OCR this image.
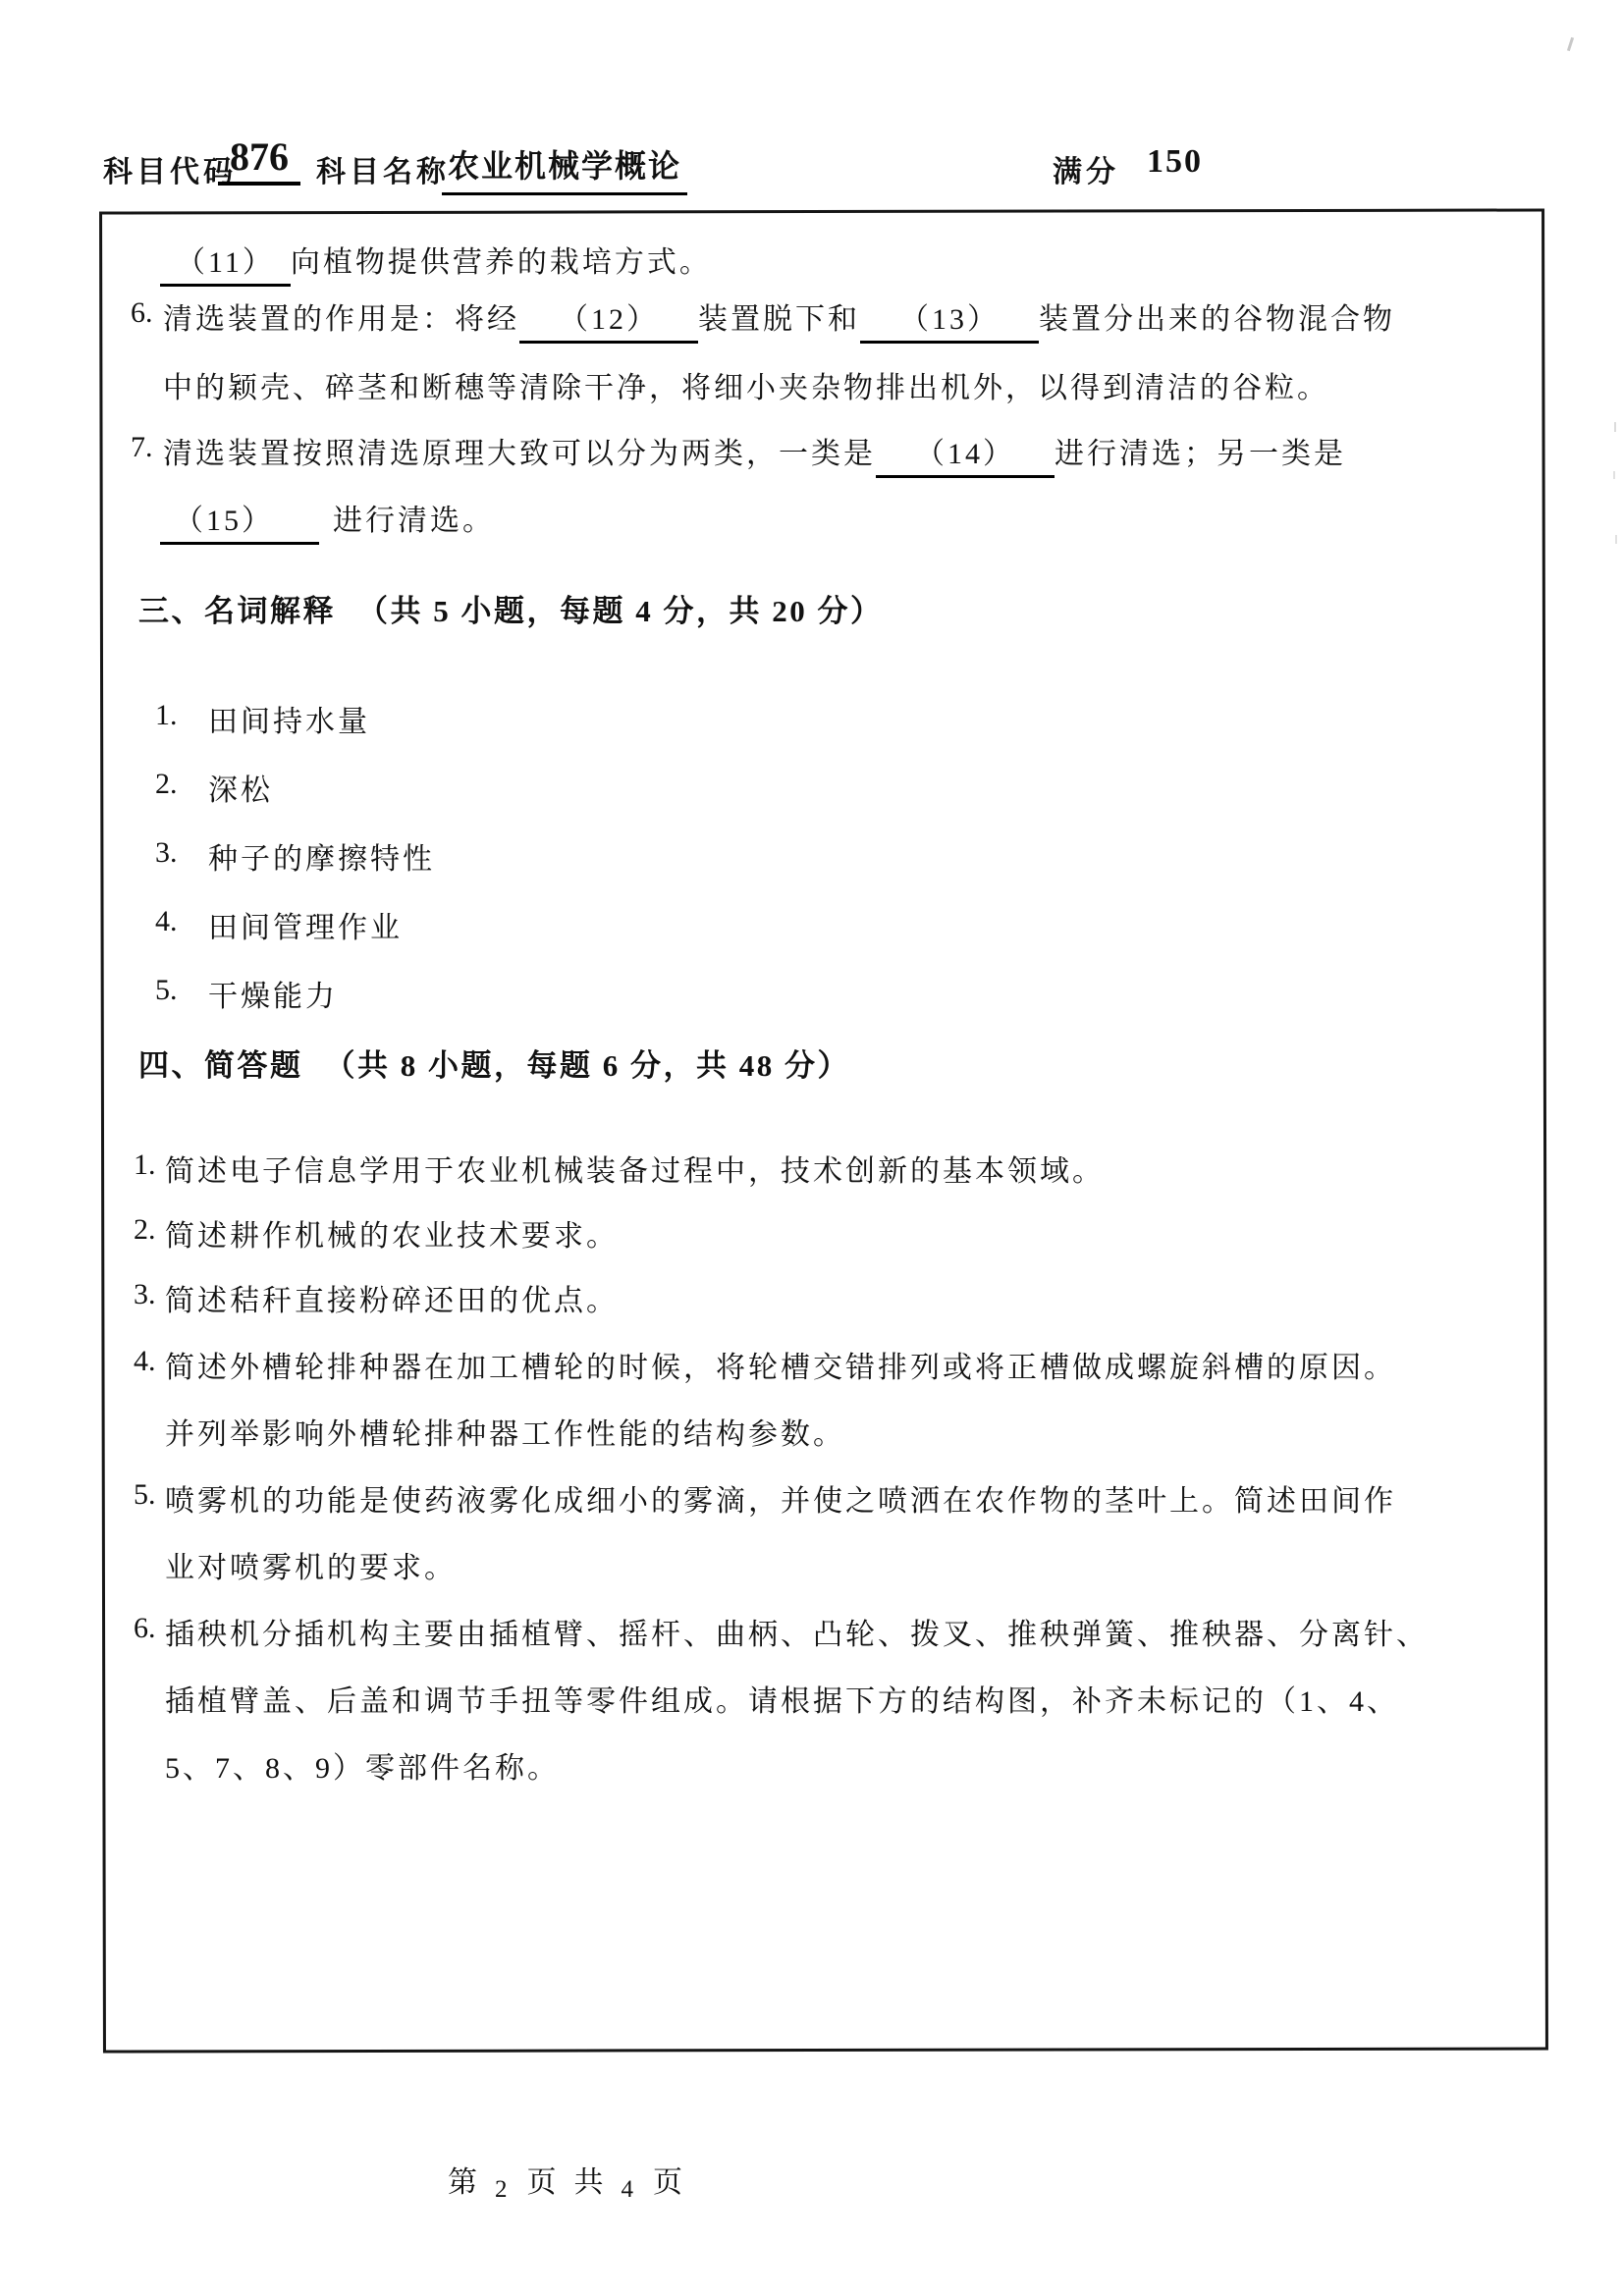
科目代码
876 科目名称
农业机械学概论	满分 150
（11） 向植物提供营养的栽培方式。
6. 清选装置的作用是：将经 （12） 装置脱下和 （13） 装置分出来的谷物混合物
中的颖壳、碎茎和断穗等清除干净，将细小夹杂物排出机外，以得到清洁的谷粒。
7. 清选装置按照清选原理大致可以分为两类，一类是 （14） 进行清选；另一类是
（15） 进行清选。
三、名词解释 （共 5 小题，每题 4 分，共 20 分）
1. 田间持水量
2. 深松
3. 种子的摩擦特性
4. 田间管理作业
5. 干燥能力
四、简答题 （共 8 小题，每题 6 分，共 48 分）
1. 简述电子信息学用于农业机械装备过程中，技术创新的基本领域。
2. 简述耕作机械的农业技术要求。
3. 简述秸秆直接粉碎还田的优点。
4. 简述外槽轮排种器在加工槽轮的时候，将轮槽交错排列或将正槽做成螺旋斜槽的原因。
并列举影响外槽轮排种器工作性能的结构参数。
5. 喷雾机的功能是使药液雾化成细小的雾滴，并使之喷洒在农作物的茎叶上。简述田间作
业对喷雾机的要求。
6. 插秧机分插机构主要由插植臂、摇杆、曲柄、凸轮、拨叉、推秧弹簧、推秧器、分离针、
插植臂盖、后盖和调节手扭等零件组成。请根据下方的结构图，补齐未标记的（1、4、
5、7、8、9）零部件名称。
第 2 页 共 4 页
